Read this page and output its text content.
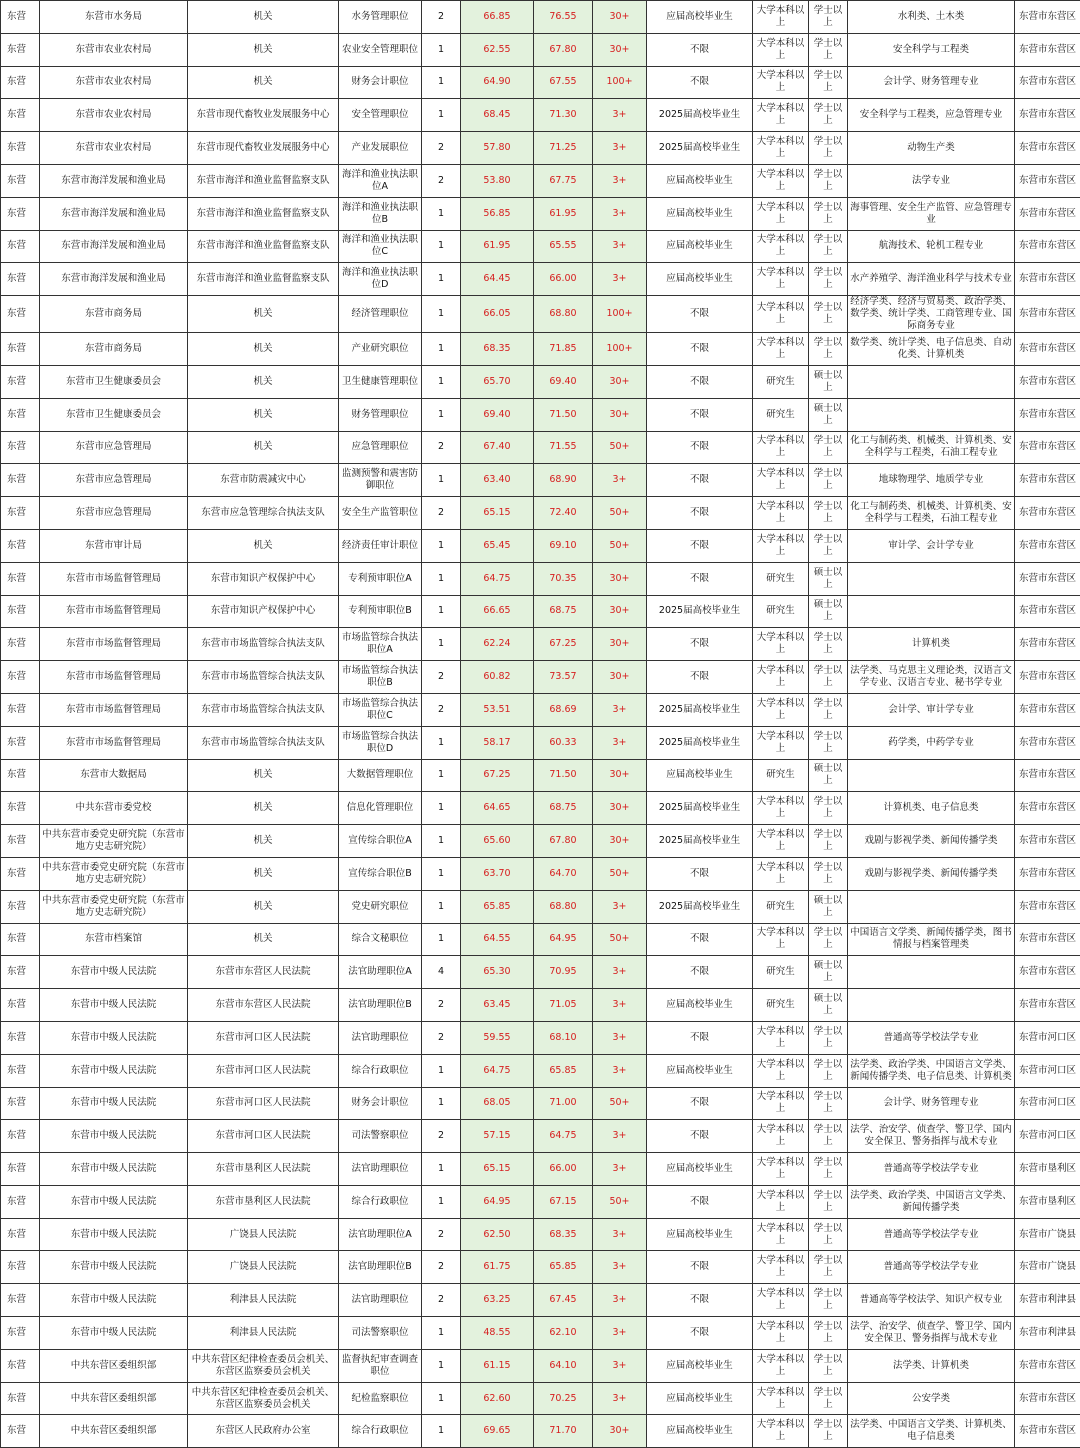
东营	东营市水务局	机关	水务管理职位	2	66.85	76.55	30+	应届高校毕业生	大学本科以上	学士以上	水利类、土木类	东营市东营区
东营	东营市农业农村局	机关	农业安全管理职位	1	62.55	67.80	30+	不限	大学本科以上	学士以上	安全科学与工程类	东营市东营区
东营	东营市农业农村局	机关	财务会计职位	1	64.90	67.55	100+	不限	大学本科以上	学士以上	会计学、财务管理专业	东营市东营区
东营	东营市农业农村局	东营市现代畜牧业发展服务中心	安全管理职位	1	68.45	71.30	3+	2025届高校毕业生	大学本科以上	学士以上	安全科学与工程类，应急管理专业	东营市东营区
东营	东营市农业农村局	东营市现代畜牧业发展服务中心	产业发展职位	2	57.80	71.25	3+	2025届高校毕业生	大学本科以上	学士以上	动物生产类	东营市东营区
东营	东营市海洋发展和渔业局	东营市海洋和渔业监督监察支队	海洋和渔业执法职位A	2	53.80	67.75	3+	应届高校毕业生	大学本科以上	学士以上	法学专业	东营市东营区
东营	东营市海洋发展和渔业局	东营市海洋和渔业监督监察支队	海洋和渔业执法职位B	1	56.85	61.95	3+	应届高校毕业生	大学本科以上	学士以上	海事管理、安全生产监管、应急管理专业	东营市东营区
东营	东营市海洋发展和渔业局	东营市海洋和渔业监督监察支队	海洋和渔业执法职位C	1	61.95	65.55	3+	应届高校毕业生	大学本科以上	学士以上	航海技术、轮机工程专业	东营市东营区
东营	东营市海洋发展和渔业局	东营市海洋和渔业监督监察支队	海洋和渔业执法职位D	1	64.45	66.00	3+	应届高校毕业生	大学本科以上	学士以上	水产养殖学、海洋渔业科学与技术专业	东营市东营区
东营	东营市商务局	机关	经济管理职位	1	66.05	68.80	100+	不限	大学本科以上	学士以上	经济学类、经济与贸易类、政治学类、数学类、统计学类、工商管理专业、国际商务专业	东营市东营区
东营	东营市商务局	机关	产业研究职位	1	68.35	71.85	100+	不限	大学本科以上	学士以上	数学类、统计学类、电子信息类、自动化类、计算机类	东营市东营区
东营	东营市卫生健康委员会	机关	卫生健康管理职位	1	65.70	69.40	30+	不限	研究生	硕士以上		东营市东营区
东营	东营市卫生健康委员会	机关	财务管理职位	1	69.40	71.50	30+	不限	研究生	硕士以上		东营市东营区
东营	东营市应急管理局	机关	应急管理职位	2	67.40	71.55	50+	不限	大学本科以上	学士以上	化工与制药类、机械类、计算机类、安全科学与工程类，石油工程专业	东营市东营区
东营	东营市应急管理局	东营市防震减灾中心	监测预警和震害防御职位	1	63.40	68.90	3+	不限	大学本科以上	学士以上	地球物理学、地质学专业	东营市东营区
东营	东营市应急管理局	东营市应急管理综合执法支队	安全生产监管职位	2	65.15	72.40	50+	不限	大学本科以上	学士以上	化工与制药类、机械类、计算机类、安全科学与工程类，石油工程专业	东营市东营区
东营	东营市审计局	机关	经济责任审计职位	1	65.45	69.10	50+	不限	大学本科以上	学士以上	审计学、会计学专业	东营市东营区
东营	东营市市场监督管理局	东营市知识产权保护中心	专利预审职位A	1	64.75	70.35	30+	不限	研究生	硕士以上		东营市东营区
东营	东营市市场监督管理局	东营市知识产权保护中心	专利预审职位B	1	66.65	68.75	30+	2025届高校毕业生	研究生	硕士以上		东营市东营区
东营	东营市市场监督管理局	东营市市场监管综合执法支队	市场监管综合执法职位A	1	62.24	67.25	30+	不限	大学本科以上	学士以上	计算机类	东营市东营区
东营	东营市市场监督管理局	东营市市场监管综合执法支队	市场监管综合执法职位B	2	60.82	73.57	30+	不限	大学本科以上	学士以上	法学类、马克思主义理论类，汉语言文学专业、汉语言专业、秘书学专业	东营市东营区
东营	东营市市场监督管理局	东营市市场监管综合执法支队	市场监管综合执法职位C	2	53.51	68.69	3+	2025届高校毕业生	大学本科以上	学士以上	会计学、审计学专业	东营市东营区
东营	东营市市场监督管理局	东营市市场监管综合执法支队	市场监管综合执法职位D	1	58.17	60.33	3+	2025届高校毕业生	大学本科以上	学士以上	药学类，中药学专业	东营市东营区
东营	东营市大数据局	机关	大数据管理职位	1	67.25	71.50	30+	应届高校毕业生	研究生	硕士以上		东营市东营区
东营	中共东营市委党校	机关	信息化管理职位	1	64.65	68.75	30+	2025届高校毕业生	大学本科以上	学士以上	计算机类、电子信息类	东营市东营区
东营	中共东营市委党史研究院（东营市地方史志研究院）	机关	宣传综合职位A	1	65.60	67.80	30+	2025届高校毕业生	大学本科以上	学士以上	戏剧与影视学类、新闻传播学类	东营市东营区
东营	中共东营市委党史研究院（东营市地方史志研究院）	机关	宣传综合职位B	1	63.70	64.70	50+	不限	大学本科以上	学士以上	戏剧与影视学类、新闻传播学类	东营市东营区
东营	中共东营市委党史研究院（东营市地方史志研究院）	机关	党史研究职位	1	65.85	68.80	3+	2025届高校毕业生	研究生	硕士以上		东营市东营区
东营	东营市档案馆	机关	综合文秘职位	1	64.55	64.95	50+	不限	大学本科以上	学士以上	中国语言文学类、新闻传播学类，图书情报与档案管理类	东营市东营区
东营	东营市中级人民法院	东营市东营区人民法院	法官助理职位A	4	65.30	70.95	3+	不限	研究生	硕士以上		东营市东营区
东营	东营市中级人民法院	东营市东营区人民法院	法官助理职位B	2	63.45	71.05	3+	应届高校毕业生	研究生	硕士以上		东营市东营区
东营	东营市中级人民法院	东营市河口区人民法院	法官助理职位	2	59.55	68.10	3+	不限	大学本科以上	学士以上	普通高等学校法学专业	东营市河口区
东营	东营市中级人民法院	东营市河口区人民法院	综合行政职位	1	64.75	65.85	3+	应届高校毕业生	大学本科以上	学士以上	法学类、政治学类、中国语言文学类、新闻传播学类、电子信息类、计算机类	东营市河口区
东营	东营市中级人民法院	东营市河口区人民法院	财务会计职位	1	68.05	71.00	50+	不限	大学本科以上	学士以上	会计学、财务管理专业	东营市河口区
东营	东营市中级人民法院	东营市河口区人民法院	司法警察职位	2	57.15	64.75	3+	不限	大学本科以上	学士以上	法学、治安学、侦查学、警卫学、国内安全保卫、警务指挥与战术专业	东营市河口区
东营	东营市中级人民法院	东营市垦利区人民法院	法官助理职位	1	65.15	66.00	3+	应届高校毕业生	大学本科以上	学士以上	普通高等学校法学专业	东营市垦利区
东营	东营市中级人民法院	东营市垦利区人民法院	综合行政职位	1	64.95	67.15	50+	不限	大学本科以上	学士以上	法学类、政治学类、中国语言文学类、新闻传播学类	东营市垦利区
东营	东营市中级人民法院	广饶县人民法院	法官助理职位A	2	62.50	68.35	3+	应届高校毕业生	大学本科以上	学士以上	普通高等学校法学专业	东营市广饶县
东营	东营市中级人民法院	广饶县人民法院	法官助理职位B	2	61.75	65.85	3+	不限	大学本科以上	学士以上	普通高等学校法学专业	东营市广饶县
东营	东营市中级人民法院	利津县人民法院	法官助理职位	2	63.25	67.45	3+	不限	大学本科以上	学士以上	普通高等学校法学、知识产权专业	东营市利津县
东营	东营市中级人民法院	利津县人民法院	司法警察职位	1	48.55	62.10	3+	不限	大学本科以上	学士以上	法学、治安学、侦查学、警卫学、国内安全保卫、警务指挥与战术专业	东营市利津县
东营	中共东营区委组织部	中共东营区纪律检查委员会机关、东营区监察委员会机关	监督执纪审查调查职位	1	61.15	64.10	3+	应届高校毕业生	大学本科以上	学士以上	法学类、计算机类	东营市东营区
东营	中共东营区委组织部	中共东营区纪律检查委员会机关、东营区监察委员会机关	纪检监察职位	1	62.60	70.25	3+	应届高校毕业生	大学本科以上	学士以上	公安学类	东营市东营区
东营	中共东营区委组织部	东营区人民政府办公室	综合行政职位	1	69.65	71.70	30+	应届高校毕业生	大学本科以上	学士以上	法学类、中国语言文学类、计算机类、电子信息类	东营市东营区
